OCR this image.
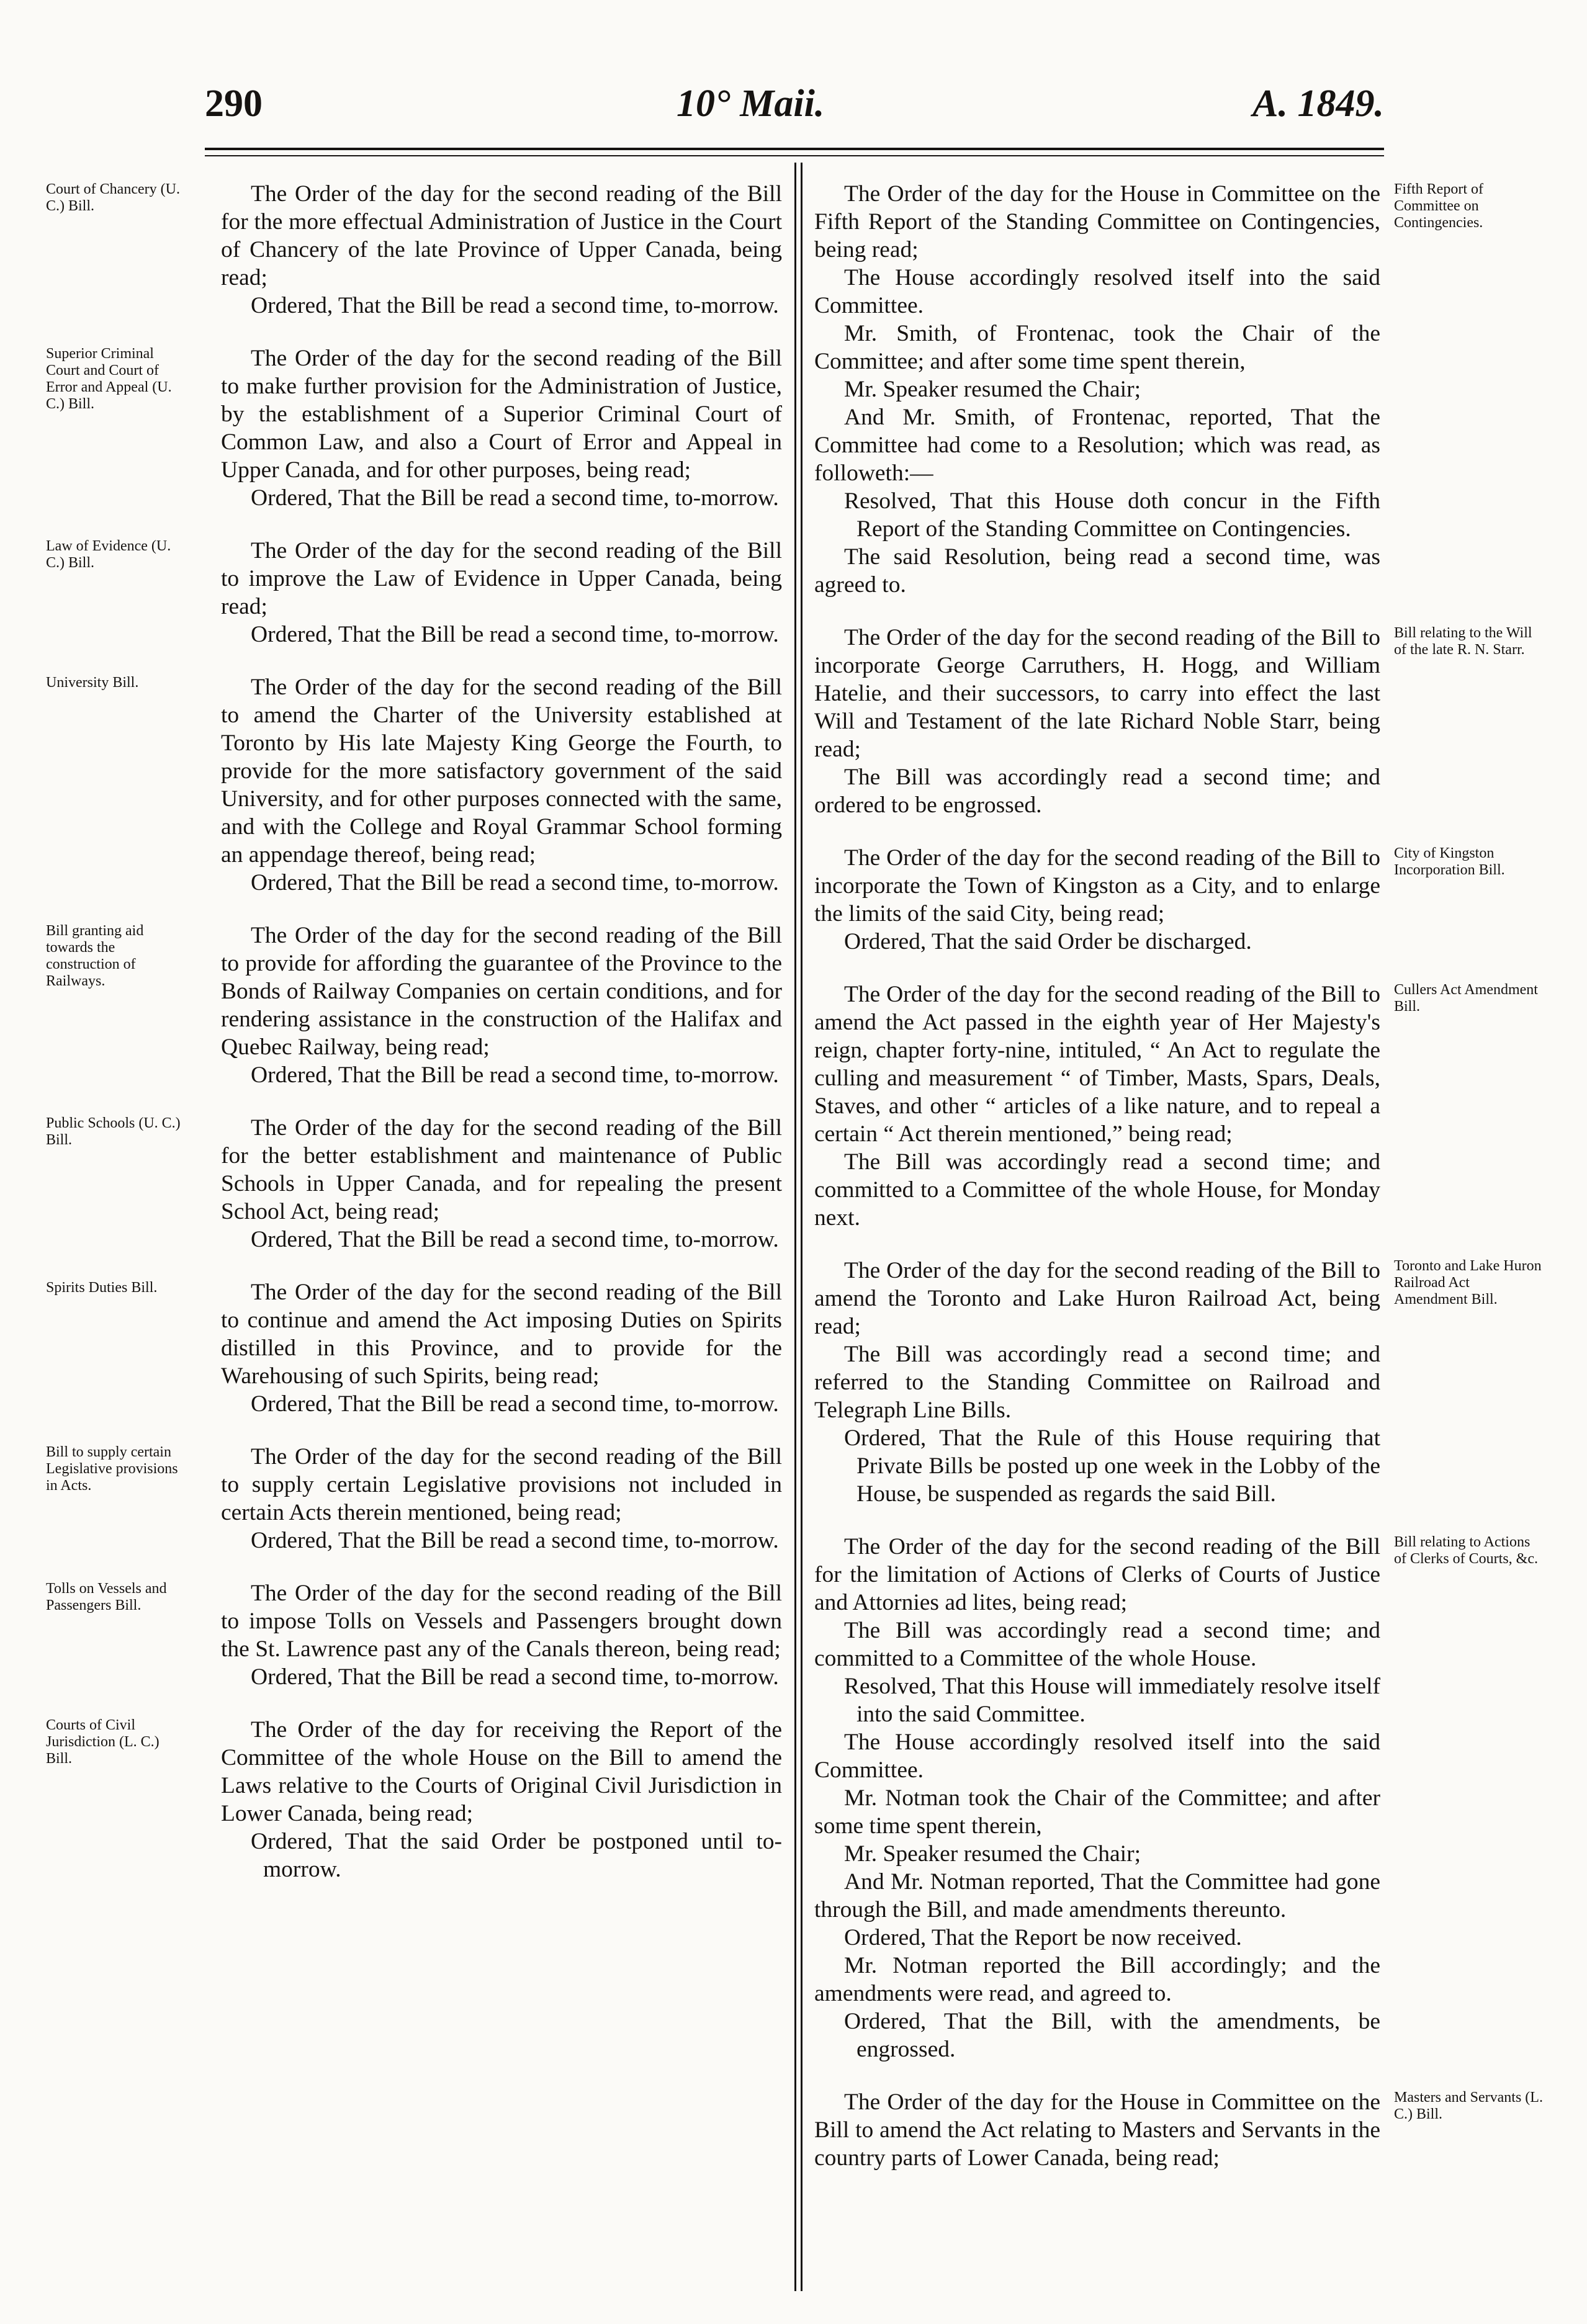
290	10° Maii.	A. 1849.
Court of Chancery (U. C.) Bill.	The Order of the day for the second reading of the Bill for the more effectual Administration of Justice in the Court of Chancery of the late Province of Upper Canada, being read;

Ordered, That the Bill be read a second time, to-morrow.

Superior Criminal Court and Court of Error and Appeal (U. C.) Bill.

The Order of the day for the second reading of the Bill to make further provision for the Administration of Justice, by the establishment of a Superior Criminal Court of Common Law, and also a Court of Error and Appeal in Upper Canada, and for other purposes, being read;

Ordered, That the Bill be read a second time, to-morrow.

Law of Evidence (U. C.) Bill.	The Order of the day for the second reading of the Bill to improve the Law of Evidence in Upper Canada, being read;

Ordered, That the Bill be read a second time, to-morrow.

University Bill.	The Order of the day for the second reading of the Bill to amend the Charter of the University established at Toronto by His late Majesty King George the Fourth, to provide for the more satisfactory government of the said University, and for other purposes connected with the same, and with the College and Royal Grammar School forming an appendage thereof, being read;

Ordered, That the Bill be read a second time, to-morrow.

Bill granting aid towards the construction of Railways.

The Order of the day for the second reading of the Bill to provide for affording the guarantee of the Province to the Bonds of Railway Companies on certain conditions, and for rendering assistance in the construction of the Halifax and Quebec Railway, being read;

Ordered, That the Bill be read a second time, to-morrow.

Public Schools (U. C.) Bill.	The Order of the day for the second reading of the Bill for the better establishment and maintenance of Public Schools in Upper Canada, and for repealing the present School Act, being read;

Ordered, That the Bill be read a second time, to-morrow.

Spirits Duties Bill.	The Order of the day for the second reading of the Bill to continue and amend the Act imposing Duties on Spirits distilled in this Province, and to provide for the Warehousing of such Spirits, being read;

Ordered, That the Bill be read a second time, to-morrow.

Bill to supply certain Legislative provisions in Acts.

The Order of the day for the second reading of the Bill to supply certain Legislative provisions not included in certain Acts therein mentioned, being read;

Ordered, That the Bill be read a second time, to-morrow.

Tolls on Vessels and Passengers Bill.	The Order of the day for the second reading of the Bill to impose Tolls on Vessels and Passengers brought down the St. Lawrence past any of the Canals thereon, being read;

Ordered, That the Bill be read a second time, to-morrow.

Courts of Civil Jurisdiction (L. C.) Bill.

The Order of the day for receiving the Report of the Committee of the whole House on the Bill to amend the Laws relative to the Courts of Original Civil Jurisdiction in Lower Canada, being read;

Ordered, That the said Order be postponed until to-morrow.

Fifth Report of Committee on Contingencies.

The Order of the day for the House in Committee on the Fifth Report of the Standing Committee on Contingencies, being read;

The House accordingly resolved itself into the said Committee.

Mr. Smith, of Frontenac, took the Chair of the Committee; and after some time spent therein,

Mr. Speaker resumed the Chair;

And Mr. Smith, of Frontenac, reported, That the Committee had come to a Resolution; which was read, as followeth:—

Resolved, That this House doth concur in the Fifth Report of the Standing Committee on Contingencies.

The said Resolution, being read a second time, was agreed to.

Bill relating to the Will of the late R. N. Starr.

The Order of the day for the second reading of the Bill to incorporate George Carruthers, H. Hogg, and William Hatelie, and their successors, to carry into effect the last Will and Testament of the late Richard Noble Starr, being read;

The Bill was accordingly read a second time; and ordered to be engrossed.

City of Kingston Incorporation Bill.

The Order of the day for the second reading of the Bill to incorporate the Town of Kingston as a City, and to enlarge the limits of the said City, being read;

Ordered, That the said Order be discharged.

Cullers Act Amendment Bill.

The Order of the day for the second reading of the Bill to amend the Act passed in the eighth year of Her Majesty's reign, chapter forty-nine, intituled, “ An Act to regulate the culling and measurement “ of Timber, Masts, Spars, Deals, Staves, and other “ articles of a like nature, and to repeal a certain “ Act therein mentioned,” being read;

The Bill was accordingly read a second time; and committed to a Committee of the whole House, for Monday next.

Toronto and Lake Huron Railroad Act Amendment Bill.

The Order of the day for the second reading of the Bill to amend the Toronto and Lake Huron Railroad Act, being read;

The Bill was accordingly read a second time; and referred to the Standing Committee on Railroad and Telegraph Line Bills.

Ordered, That the Rule of this House requiring that Private Bills be posted up one week in the Lobby of the House, be suspended as regards the said Bill.

Bill relating to Actions of Clerks of Courts, &c.

The Order of the day for the second reading of the Bill for the limitation of Actions of Clerks of Courts of Justice and Attornies ad lites, being read;

The Bill was accordingly read a second time; and committed to a Committee of the whole House.

Resolved, That this House will immediately resolve itself into the said Committee.

The House accordingly resolved itself into the said Committee.

Mr. Notman took the Chair of the Committee; and after some time spent therein,

Mr. Speaker resumed the Chair;

And Mr. Notman reported, That the Committee had gone through the Bill, and made amendments thereunto.

Ordered, That the Report be now received.

Mr. Notman reported the Bill accordingly; and the amendments were read, and agreed to.

Ordered, That the Bill, with the amendments, be engrossed.

Masters and Servants (L. C.) Bill.

The Order of the day for the House in Committee on the Bill to amend the Act relating to Masters and Servants in the country parts of Lower Canada, being read;
